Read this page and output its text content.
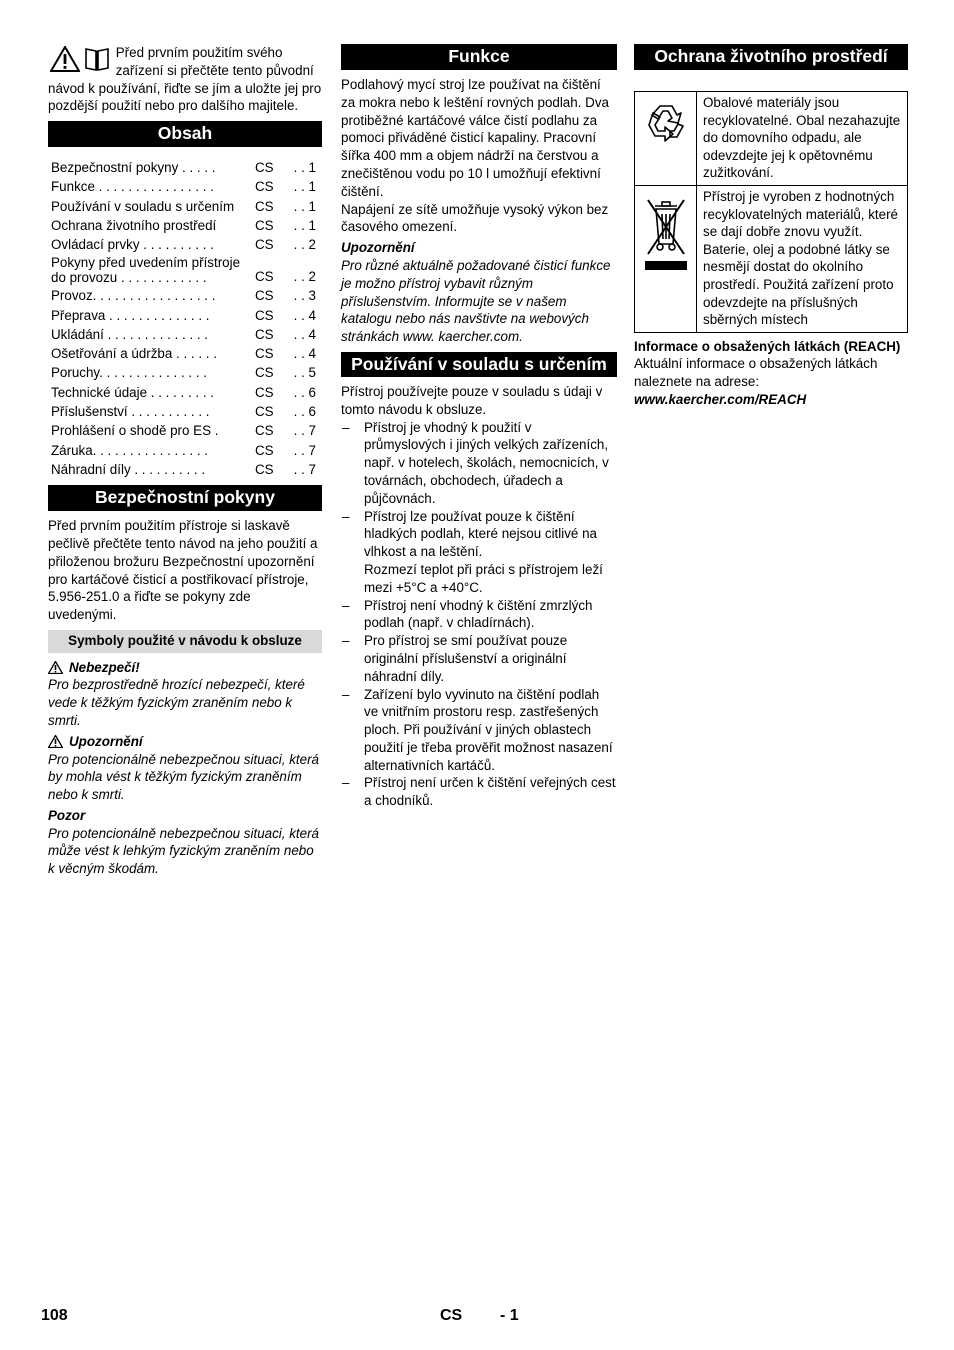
Před prvním použitím svého zařízení si přečtěte tento původní návod k používání, řiďte se jím a uložte jej pro pozdější použití nebo pro dalšího majitele.

Obsah
Bezpečnostní pokyny . . . . .	CS	. . 1
Funkce . . . . . . . . . . . . . . . .	CS	. . 1
Používání v souladu s určením	CS	. . 1
Ochrana životního prostředí	CS	. . 1
Ovládací prvky . . . . . . . . . .	CS	. . 2
Pokyny před uvedením přístroje do provozu . . . . . . . . . . . .	CS	. . 2
Provoz. . . . . . . . . . . . . . . . .	CS	. . 3
Přeprava . . . . . . . . . . . . . .	CS	. . 4
Ukládání . . . . . . . . . . . . . .	CS	. . 4
Ošetřování a údržba . . . . . .	CS	. . 4
Poruchy. . . . . . . . . . . . . . .	CS	. . 5
Technické údaje . . . . . . . . .	CS	. . 6
Příslušenství . . . . . . . . . . .	CS	. . 6
Prohlášení o shodě pro ES .	CS	. . 7
Záruka. . . . . . . . . . . . . . . .	CS	. . 7
Náhradní díly . . . . . . . . . .	CS	. . 7
Bezpečnostní pokyny

Před prvním použitím přístroje si laskavě pečlivě přečtěte tento návod na jeho použití a přiloženou brožuru Bezpečnostní upozornění pro kartáčové čisticí a postřikovací přístroje, 5.956-251.0 a řiďte se pokyny zde uvedenými.

Symboly použité v návodu k obsluze
Nebezpečí!

Pro bezprostředně hrozící nebezpečí, které vede k těžkým fyzickým zraněním nebo k smrti.

Upozornění

Pro potencionálně nebezpečnou situaci, která by mohla vést k těžkým fyzickým zraněním nebo k smrti.

Pozor

Pro potencionálně nebezpečnou situaci, která může vést k lehkým fyzickým zraněním nebo k věcným škodám.

Funkce

Podlahový mycí stroj lze používat na čištění za mokra nebo k leštění rovných podlah. Dva protiběžné kartáčové válce čistí podlahu za pomoci přiváděné čisticí kapaliny. Pracovní šířka 400 mm a objem nádrží na čerstvou a znečištěnou vodu po 10 l umožňují efektivní čištění.

Napájení ze sítě umožňuje vysoký výkon bez časového omezení.

Upozornění

Pro různé aktuálně požadované čisticí funkce je možno přístroj vybavit různým příslušenstvím. Informujte se v našem katalogu nebo nás navštivte na webových stránkách www. kaercher.com.

Používání v souladu s určením

Přístroj používejte pouze v souladu s údaji v tomto návodu k obsluze.

– Přístroj je vhodný k použití v průmyslových i jiných velkých zařízeních, např. v hotelech, školách, nemocnicích, v továrnách, obchodech, úřadech a půjčovnách.
– Přístroj lze používat pouze k čištění hladkých podlah, které nejsou citlivé na vlhkost a na leštění.
Rozmezí teplot při práci s přístrojem leží mezi +5°C a +40°C.
– Přístroj není vhodný k čištění zmrzlých podlah (např. v chladírnách).
– Pro přístroj se smí používat pouze originální příslušenství a originální náhradní díly.
– Zařízení bylo vyvinuto na čištění podlah ve vnitřním prostoru resp. zastřešených ploch. Při používání v jiných oblastech použití je třeba prověřit možnost nasazení alternativních kartáčů.
– Přístroj není určen k čištění veřejných cest a chodníků.
Ochrana životního prostředí
	Obalové materiály jsou recyklovatelné. Obal nezahazujte do domovního odpadu, ale odevzdejte jej k opětovnému zužitkování.
	Přístroj je vyroben z hodnotných recyklovatelných materiálů, které se dají dobře znovu využít. Baterie, olej a podobné látky se nesmějí dostat do okolního prostředí. Použitá zařízení proto odevzdejte na příslušných sběrných místech

Informace o obsažených látkách (REACH)

Aktuální informace o obsažených látkách naleznete na adrese:

www.kaercher.com/REACH

108	CS - 1
